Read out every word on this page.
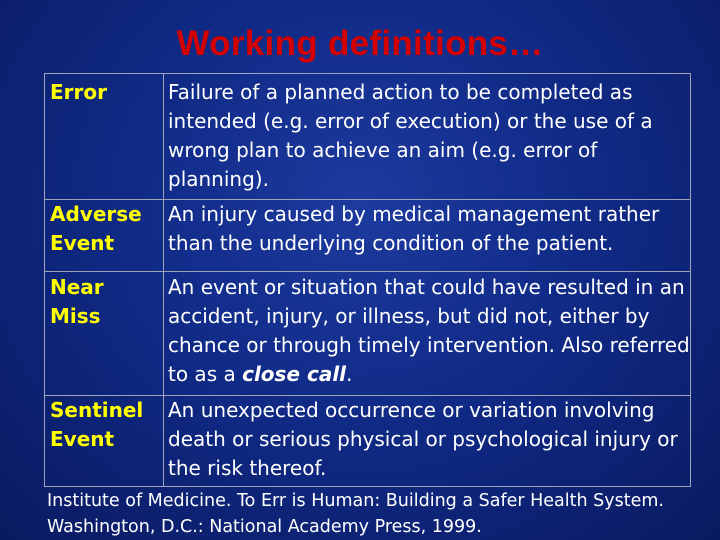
Working definitions…
Error	Failure of a planned action to be completed as intended (e.g. error of execution) or the use of a wrong plan to achieve an aim (e.g. error of planning).

Adverse
Event	An injury caused by medical management rather than the underlying condition of the patient.

Near
Miss	An event or situation that could have resulted in an accident, injury, or illness, but did not, either by chance or through timely intervention. Also referred to as a close call.

Sentinel
Event	An unexpected occurrence or variation involving death or serious physical or psychological injury or the risk thereof.
Institute of Medicine. To Err is Human: Building a Safer Health System.
Washington, D.C.: National Academy Press, 1999.
